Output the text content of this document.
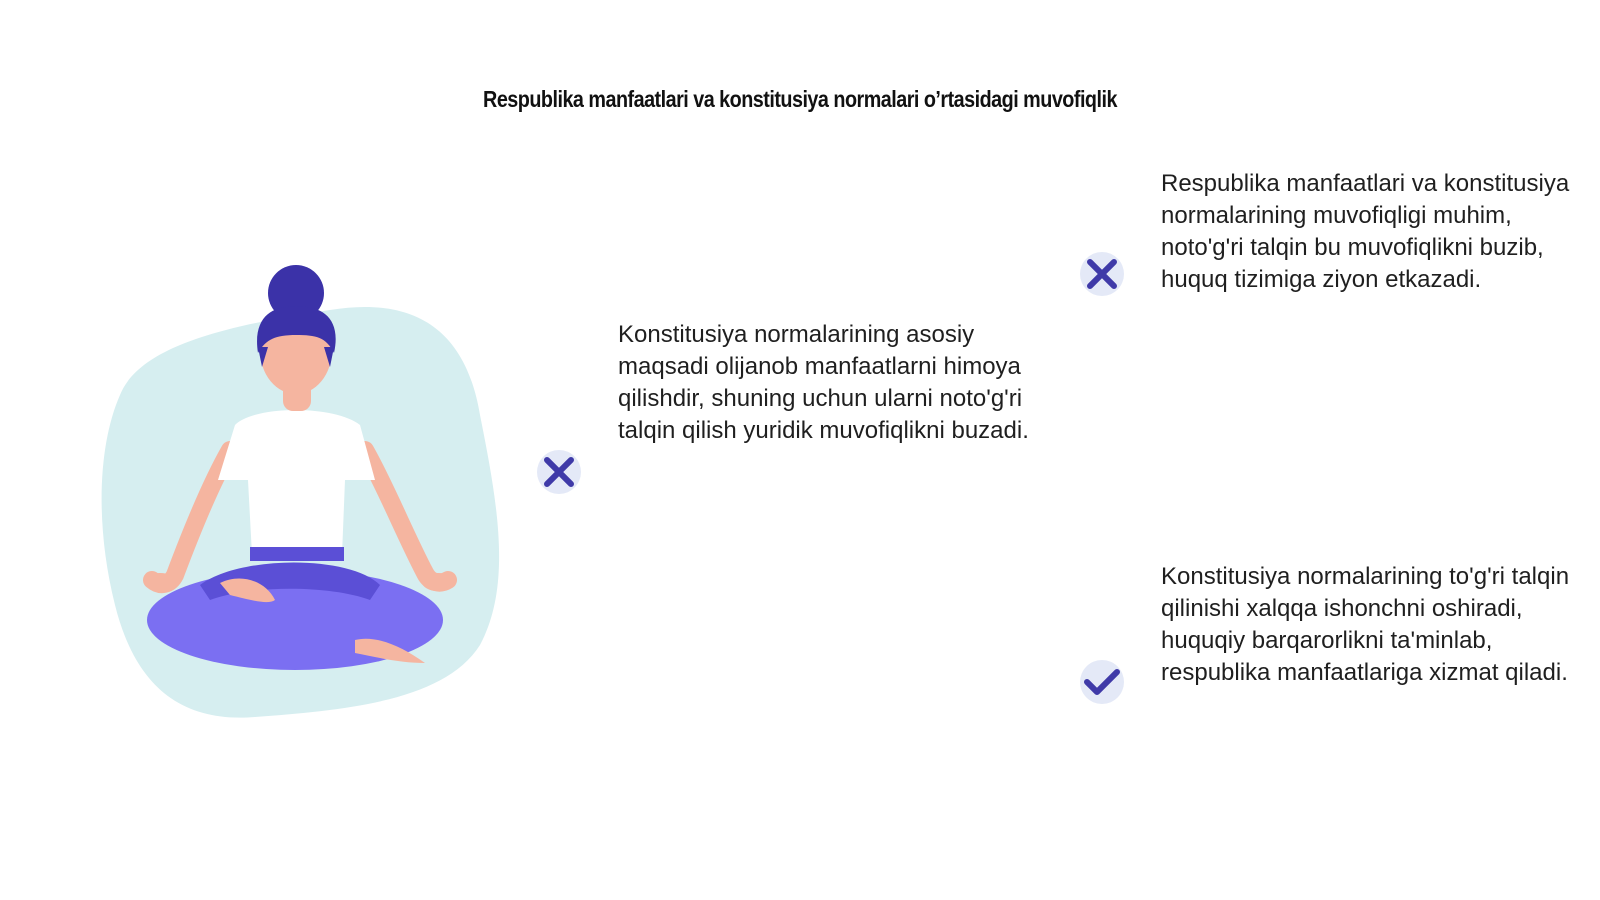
Respublika manfaatlari va konstitusiya normalari o’rtasidagi muvofiqlik
Konstitusiya normalarining asosiy maqsadi olijanob manfaatlarni himoya qilishdir, shuning uchun ularni noto'g'ri talqin qilish yuridik muvofiqlikni buzadi.
Respublika manfaatlari va konstitusiya normalarining muvofiqligi muhim, noto'g'ri talqin bu muvofiqlikni buzib, huquq tizimiga ziyon etkazadi.
Konstitusiya normalarining to'g'ri talqin qilinishi xalqqa ishonchni oshiradi, huquqiy barqarorlikni ta'minlab, respublika manfaatlariga xizmat qiladi.
